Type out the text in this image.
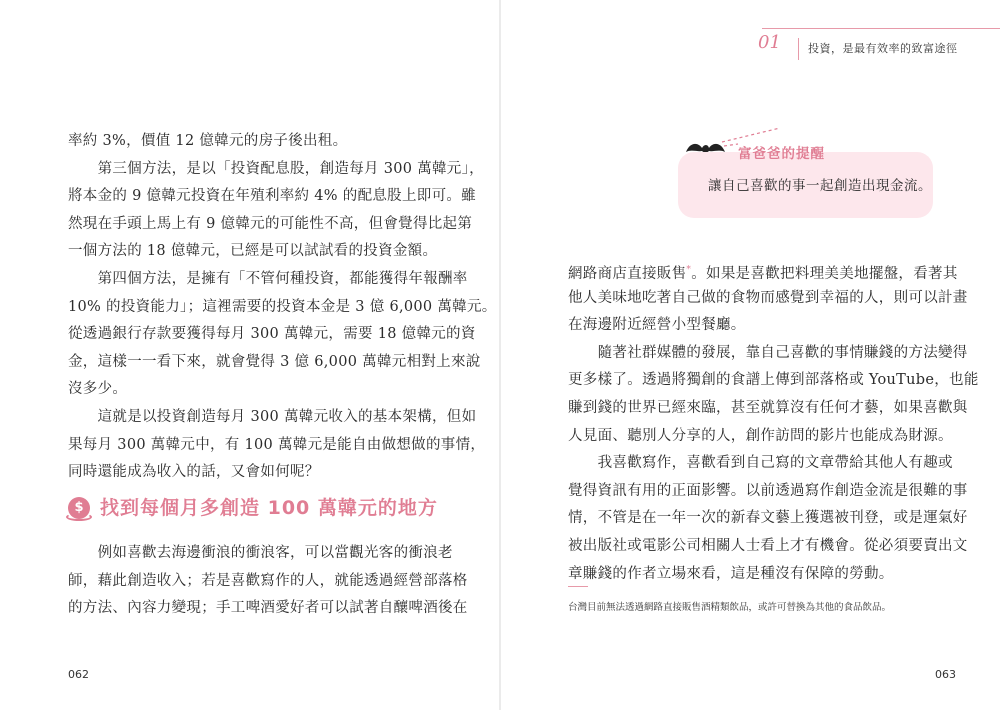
率約 3%，價值 12 億韓元的房子後出租。
　　第三個方法，是以「投資配息股，創造每月 300 萬韓元」，
將本金的 9 億韓元投資在年殖利率約 4% 的配息股上即可。雖
然現在手頭上馬上有 9 億韓元的可能性不高，但會覺得比起第
一個方法的 18 億韓元，已經是可以試試看的投資金額。
　　第四個方法，是擁有「不管何種投資，都能獲得年報酬率
10% 的投資能力」；這裡需要的投資本金是 3 億 6,000 萬韓元。
從透過銀行存款要獲得每月 300 萬韓元，需要 18 億韓元的資
金，這樣一一看下來，就會覺得 3 億 6,000 萬韓元相對上來說
沒多少。
　　這就是以投資創造每月 300 萬韓元收入的基本架構，但如
果每月 300 萬韓元中，有 100 萬韓元是能自由做想做的事情，
同時還能成為收入的話，又會如何呢？
$ 找到每個月多創造 100 萬韓元的地方
　　例如喜歡去海邊衝浪的衝浪客，可以當觀光客的衝浪老
師，藉此創造收入；若是喜歡寫作的人，就能透過經營部落格
的方法、內容力變現；手工啤酒愛好者可以試著自釀啤酒後在
062
01 投資，是最有效率的致富途徑
富爸爸的提醒
讓自己喜歡的事一起創造出現金流。
網路商店直接販售*。如果是喜歡把料理美美地擺盤，看著其
他人美味地吃著自己做的食物而感覺到幸福的人，則可以計畫
在海邊附近經營小型餐廳。
　　隨著社群媒體的發展，靠自己喜歡的事情賺錢的方法變得
更多樣了。透過將獨創的食譜上傳到部落格或 YouTube，也能
賺到錢的世界已經來臨，甚至就算沒有任何才藝，如果喜歡與
人見面、聽別人分享的人，創作訪問的影片也能成為財源。
　　我喜歡寫作，喜歡看到自己寫的文章帶給其他人有趣或
覺得資訊有用的正面影響。以前透過寫作創造金流是很難的事
情，不管是在一年一次的新春文藝上獲選被刊登，或是運氣好
被出版社或電影公司相關人士看上才有機會。從必須要賣出文
章賺錢的作者立場來看，這是種沒有保障的勞動。
台灣目前無法透過網路直接販售酒精類飲品，或許可替換為其他的食品飲品。
063
